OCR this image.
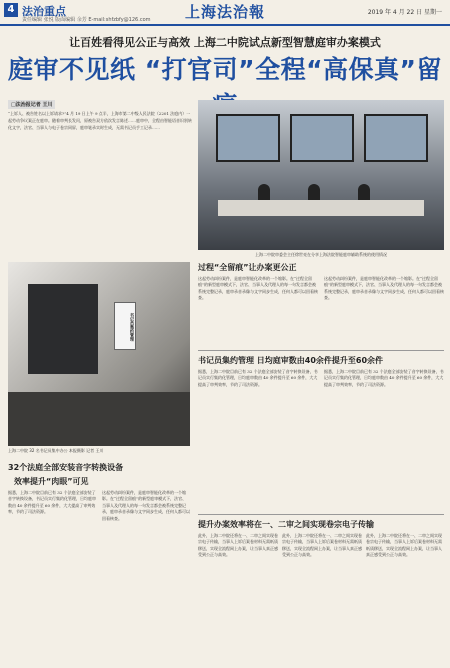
4 法治重点
责任编辑 张悦 版面编辑 余芳 E-mail:shfzbfy@126.com 上海法治報	2019 年 4 月 22 日 星期一
让百姓看得见公正与高效 上海二中院试点新型智慧庭审办案模式
庭审不见纸 “打官司”全程“高保真”留
□法治报记者 王川
“上诉人、被告姓名以上诉请求?”4 月 19 日上午 9 点半，上海市第二中级人民法院（2201 法庭内）一起劳动争议案正在庭审。随着审判长发问，原被告双方依次发言陈述……庭审中，全程由智能语音识别转化文字，法官、当事人与电子卷宗同屏，庭审笔录实时生成，无需书记员手工记录……
上海二中院审委会主任徐世亮在分享上海法院智能庭审辅助系统的使用情况
过程“全留痕”让办案更公正
这起劳动纠纷案件，是庭审智能化改革的一个缩影。在“过程全留痕”的新型庭审模式下，法官、当事人及代理人的每一句发言都会被系统完整记录，庭审录音录像与文字同步生成，任何人都可以回看核查。
这起劳动纠纷案件，是庭审智能化改革的一个缩影。在“过程全留痕”的新型庭审模式下，法官、当事人及代理人的每一句发言都会被系统完整记录，庭审录音录像与文字同步生成，任何人都可以回看核查。
书记员集约管理 日均庭审数由40余件提升至60余件
据悉，上海二中院目前已有 32 个法庭全部安装了音字转换设备，书记员实行集约化管理，日均庭审数由 40 余件提升至 60 余件，大大提高了审判效率，节约了司法资源。
据悉，上海二中院目前已有 32 个法庭全部安装了音字转换设备，书记员实行集约化管理，日均庭审数由 40 余件提升至 60 余件，大大提高了审判效率，节约了司法资源。
书记员集约管理
上海二中院 32 名书记员集中办公 本报摄影 记者 王川
32个法庭全部安装音字转换设备
效率提升“肉眼”可见
据悉，上海二中院目前已有 32 个法庭全部安装了音字转换设备，书记员实行集约化管理，日均庭审数由 40 余件提升至 60 余件，大大提高了审判效率，节约了司法资源。
这起劳动纠纷案件，是庭审智能化改革的一个缩影。在“过程全留痕”的新型庭审模式下，法官、当事人及代理人的每一句发言都会被系统完整记录，庭审录音录像与文字同步生成，任何人都可以回看核查。
提升办案效率将在一、二审之间实现卷宗电子传输
此外，上海二中院还将在一、二审之间实现卷宗电子传输，当事人上诉后案卷材料无需纸质移送，实现全流程网上办案，让当事人真正感受到公正与高效。
此外，上海二中院还将在一、二审之间实现卷宗电子传输，当事人上诉后案卷材料无需纸质移送，实现全流程网上办案，让当事人真正感受到公正与高效。
此外，上海二中院还将在一、二审之间实现卷宗电子传输，当事人上诉后案卷材料无需纸质移送，实现全流程网上办案，让当事人真正感受到公正与高效。
